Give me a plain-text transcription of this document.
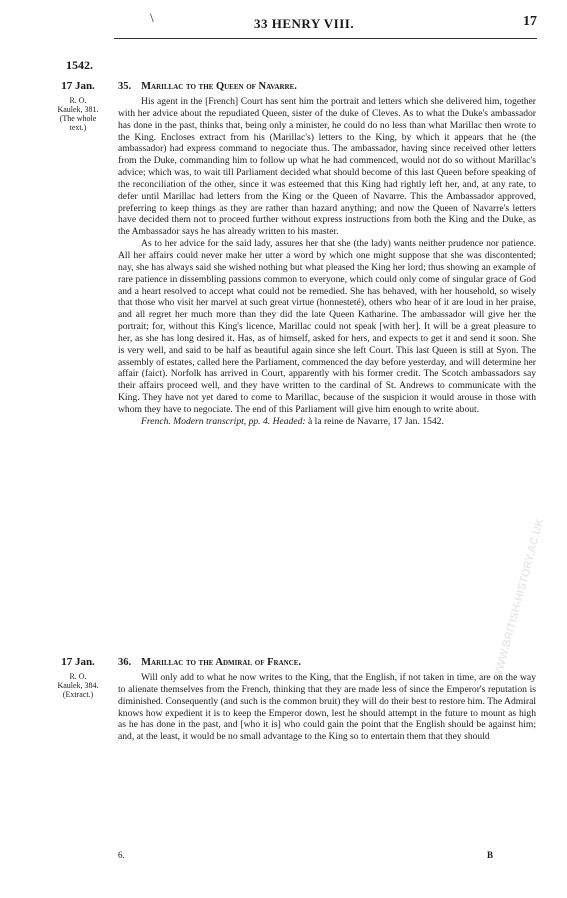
\	33 HENRY VIII.	17
1542.
17 Jan.
R. O.
Kaulek, 381.
(The whole
text.)
35. Marillac to the Queen of Navarre.

His agent in the [French] Court has sent him the portrait and letters which she delivered him, together with her advice about the repudiated Queen, sister of the duke of Cleves. As to what the Duke's ambassador has done in the past, thinks that, being only a minister, he could do no less than what Marillac then wrote to the King. Encloses extract from his (Marillac's) letters to the King, by which it appears that he (the ambassador) had express command to negociate thus. The ambassador, having since received other letters from the Duke, commanding him to follow up what he had commenced, would not do so without Marillac's advice; which was, to wait till Parliament decided what should become of this last Queen before speaking of the reconciliation of the other, since it was esteemed that this King had rightly left her, and, at any rate, to defer until Marillac had letters from the King or the Queen of Navarre. This the Ambassador approved, preferring to keep things as they are rather than hazard anything; and now the Queen of Navarre's letters have decided them not to proceed further without express instructions from both the King and the Duke, as the Ambassador says he has already written to his master.

As to her advice for the said lady, assures her that she (the lady) wants neither prudence nor patience. All her affairs could never make her utter a word by which one might suppose that she was discontented; nay, she has always said she wished nothing but what pleased the King her lord; thus showing an example of rare patience in dissembling passions common to everyone, which could only come of singular grace of God and a heart resolved to accept what could not be remedied. She has behaved, with her household, so wisely that those who visit her marvel at such great virtue (honnesteté), others who hear of it are loud in her praise, and all regret her much more than they did the late Queen Katharine. The ambassador will give her the portrait; for, without this King's licence, Marillac could not speak [with her]. It will be a great pleasure to her, as she has long desired it. Has, as of himself, asked for hers, and expects to get it and send it soon. She is very well, and said to be half as beautiful again since she left Court. This last Queen is still at Syon. The assembly of estates, called here the Parliament, commenced the day before yesterday, and will determine her affair (faict). Norfolk has arrived in Court, apparently with his former credit. The Scotch ambassadors say their affairs proceed well, and they have written to the cardinal of St. Andrews to communicate with the King. They have not yet dared to come to Marillac, because of the suspicion it would arouse in those with whom they have to negociate. The end of this Parliament will give him enough to write about.

French. Modern transcript, pp. 4. Headed: à la reine de Navarre, 17 Jan. 1542.

17 Jan.
R. O.
Kaulek, 384.
(Extract.)
36. Marillac to the Admiral of France.

Will only add to what he now writes to the King, that the English, if not taken in time, are on the way to alienate themselves from the French, thinking that they are made less of since the Emperor's reputation is diminished. Consequently (and such is the common bruit) they will do their best to restore him. The Admiral knows how expedient it is to keep the Emperor down, lest he should attempt in the future to mount as high as he has done in the past, and [who it is] who could gain the point that the English should be against him; and, at the least, it would be no small advantage to the King so to entertain them that they should

6.	B
WWW.BRITISH-HISTORY.AC.UK
